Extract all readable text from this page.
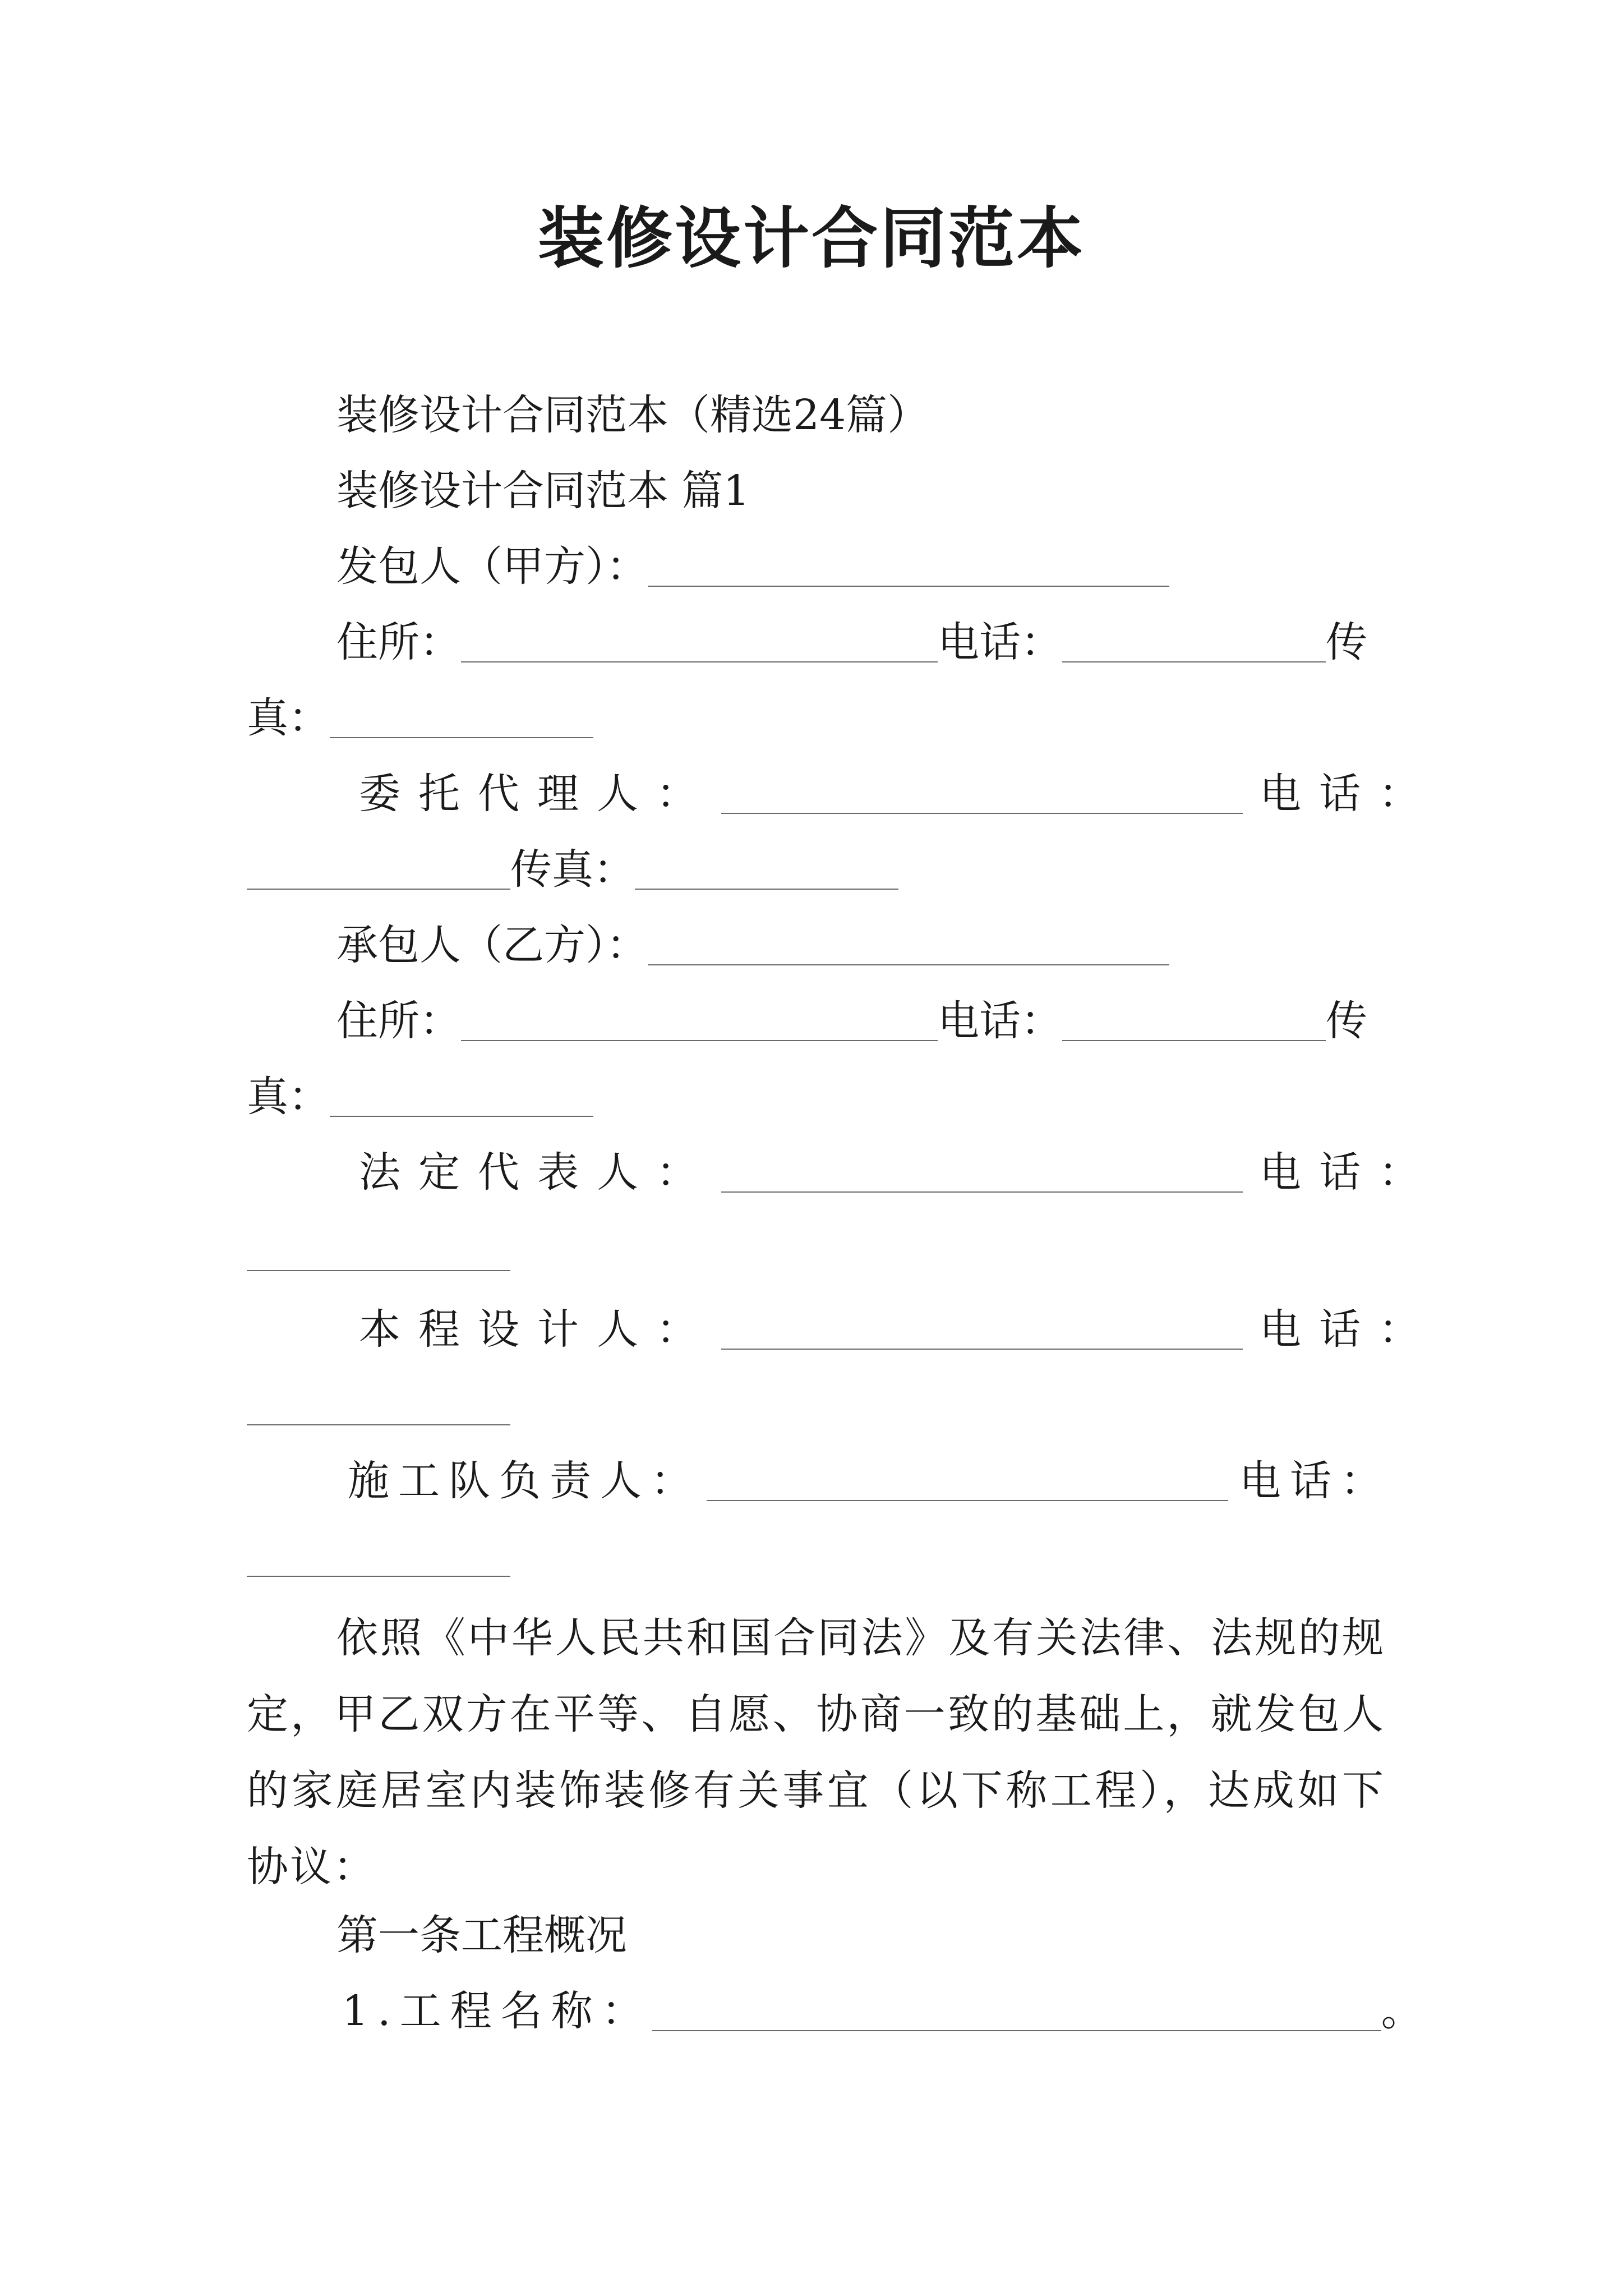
装修设计合同范本
装修设计合同范本（精选24篇）
装修设计合同范本 篇1
发包人（甲方）：
住所：	电话：	传
真：
委托代理人：	电话：
传真：
承包人（乙方）：
住所：	电话：	传
真：
法定代表人：	电话：
本程设计人：	电话：
施工队负责人：	电话：
依照《中华人民共和国合同法》及有关法律、法规的规定，甲乙双方在平等、自愿、协商一致的基础上，就发包人的家庭居室内装饰装修有关事宜（以下称工程），达成如下协议：
第一条工程概况
1.工程名称：	。
